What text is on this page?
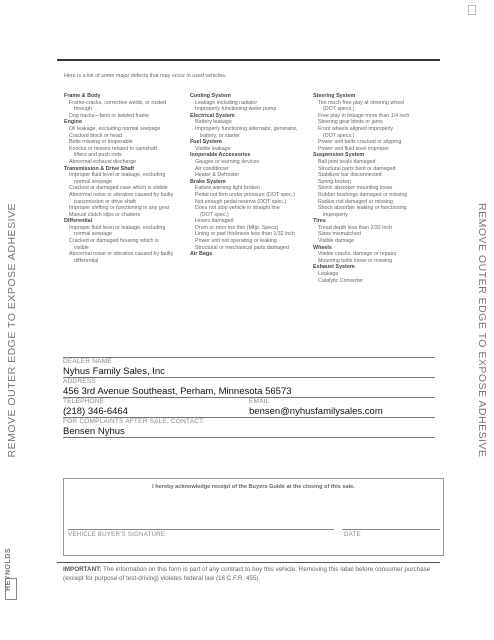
REMOVE OUTER EDGE TO EXPOSE ADHESIVE	REMOVE OUTER EDGE TO EXPOSE ADHESIVE
Here is a list of some major defects that may occur in used vehicles.
Frame & Body
Frame-cracks, corrective welds, or rusted
through
Dog tracks—bent or twisted frame
Engine
Oil leakage, excluding normal seepage
Cracked block or head
Belts missing or inoperable
Knocks or misses related to camshaft
lifters and push rods
Abnormal exhaust discharge
Transmission & Drive Shaft
Improper fluid level or leakage, excluding
normal seepage
Cracked or damaged case which is visible
Abnormal noise or vibration caused by faulty
transmission or drive shaft
Improper shifting or functioning in any gear
Manual clutch slips or chatters
Differential
Improper fluid level or leakage, excluding
normal seepage
Cracked or damaged housing which is
visible
Abnormal noise or vibration caused by faulty
differential
Cooling System
Leakage including radiator
Improperly functioning water pump
Electrical System
Battery leakage
Improperly functioning alternator, generator,
battery, or starter
Fuel System
Visible leakage
Inoperable Accessories
Gauges or warning devices
Air conditioner
Heater & Defroster
Brake System
Failure warning light broken
Pedal not firm under pressure (DOT spec.)
Not enough pedal reserve (DOT spec.)
Does not stop vehicle in straight line
(DOT spec.)
Hoses damaged
Drum or rotor too thin (Mfgr. Specs)
Lining or pad thickness less than 1/32 inch
Power unit not operating or leaking
Structural or mechanical parts damaged
Air Bags
Steering System
Too much free play at steering wheel
(DOT specs.)
Free play in linkage more than 1/4 inch
Steering gear binds or jams
Front wheels aligned improperly
(DOT specs.)
Power unit belts cracked or slipping
Power unit fluid level improper
Suspension System
Ball joint seals damaged
Structural parts bent or damaged
Stabilizer bar disconnected
Spring broken
Shock absorber mounting loose
Rubber bushings damaged or missing
Radius rod damaged or missing
Shock absorber leaking or functioning
improperly
Tires
Tread depth less than 2/32 inch
Sizes mismatched
Visible damage
Wheels
Visible cracks, damage or repairs
Mounting bolts loose or missing
Exhaust System
Leakage
Catalytic Converter
DEALER NAME
Nyhus Family Sales, Inc
ADDRESS
456 3rd Avenue Southeast, Perham, Minnesota 56573
TELEPHONE
(218) 346-6464
EMAIL
bensen@nyhusfamilysales.com
FOR COMPLAINTS AFTER SALE, CONTACT:
Bensen Nyhus
I hereby acknowledge receipt of the Buyers Guide at the closing of this sale.
VEHICLE BUYER'S SIGNATURE	DATE
IMPORTANT: The information on this form is part of any contract to buy this vehicle. Removing this label before consumer purchase (except for purpose of test-driving) violates federal law (16 C.F.R. 455).
REYNOLDS
